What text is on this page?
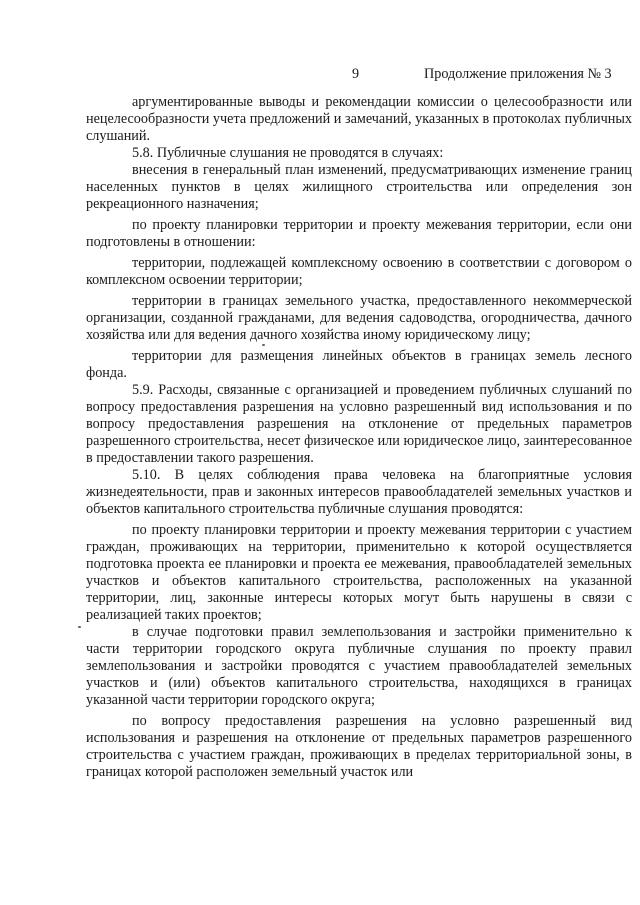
9	Продолжение приложения № 3

аргументированные выводы и рекомендации комиссии о целесообразности или нецелесообразности учета предложений и замечаний, указанных в протоколах публичных слушаний.

5.8. Публичные слушания не проводятся в случаях:

внесения в генеральный план изменений, предусматривающих изменение границ населенных пунктов в целях жилищного строительства или определения зон рекреационного назначения;

по проекту планировки территории и проекту межевания территории, если они подготовлены в отношении:

территории, подлежащей комплексному освоению в соответствии с договором о комплексном освоении территории;

территории в границах земельного участка, предоставленного некоммерческой организации, созданной гражданами, для ведения садоводства, огородничества, дачного хозяйства или для ведения дачного хозяйства иному юридическому лицу;

территории для размещения линейных объектов в границах земель лесного фонда.

5.9. Расходы, связанные с организацией и проведением публичных слушаний по вопросу предоставления разрешения на условно разрешенный вид использования и по вопросу предоставления разрешения на отклонение от предельных параметров разрешенного строительства, несет физическое или юридическое лицо, заинтересованное в предоставлении такого разрешения.

5.10. В целях соблюдения права человека на благоприятные условия жизнедеятельности, прав и законных интересов правообладателей земельных участков и объектов капитального строительства публичные слушания проводятся:

по проекту планировки территории и проекту межевания территории с участием граждан, проживающих на территории, применительно к которой осуществляется подготовка проекта ее планировки и проекта ее межевания, правообладателей земельных участков и объектов капитального строительства, расположенных на указанной территории, лиц, законные интересы которых могут быть нарушены в связи с реализацией таких проектов;

в случае подготовки правил землепользования и застройки применительно к части территории городского округа публичные слушания по проекту правил землепользования и застройки проводятся с участием правообладателей земельных участков и (или) объектов капитального строительства, находящихся в границах указанной части территории городского округа;

по вопросу предоставления разрешения на условно разрешенный вид использования и разрешения на отклонение от предельных параметров разрешенного строительства с участием граждан, проживающих в пределах территориальной зоны, в границах которой расположен земельный участок или
